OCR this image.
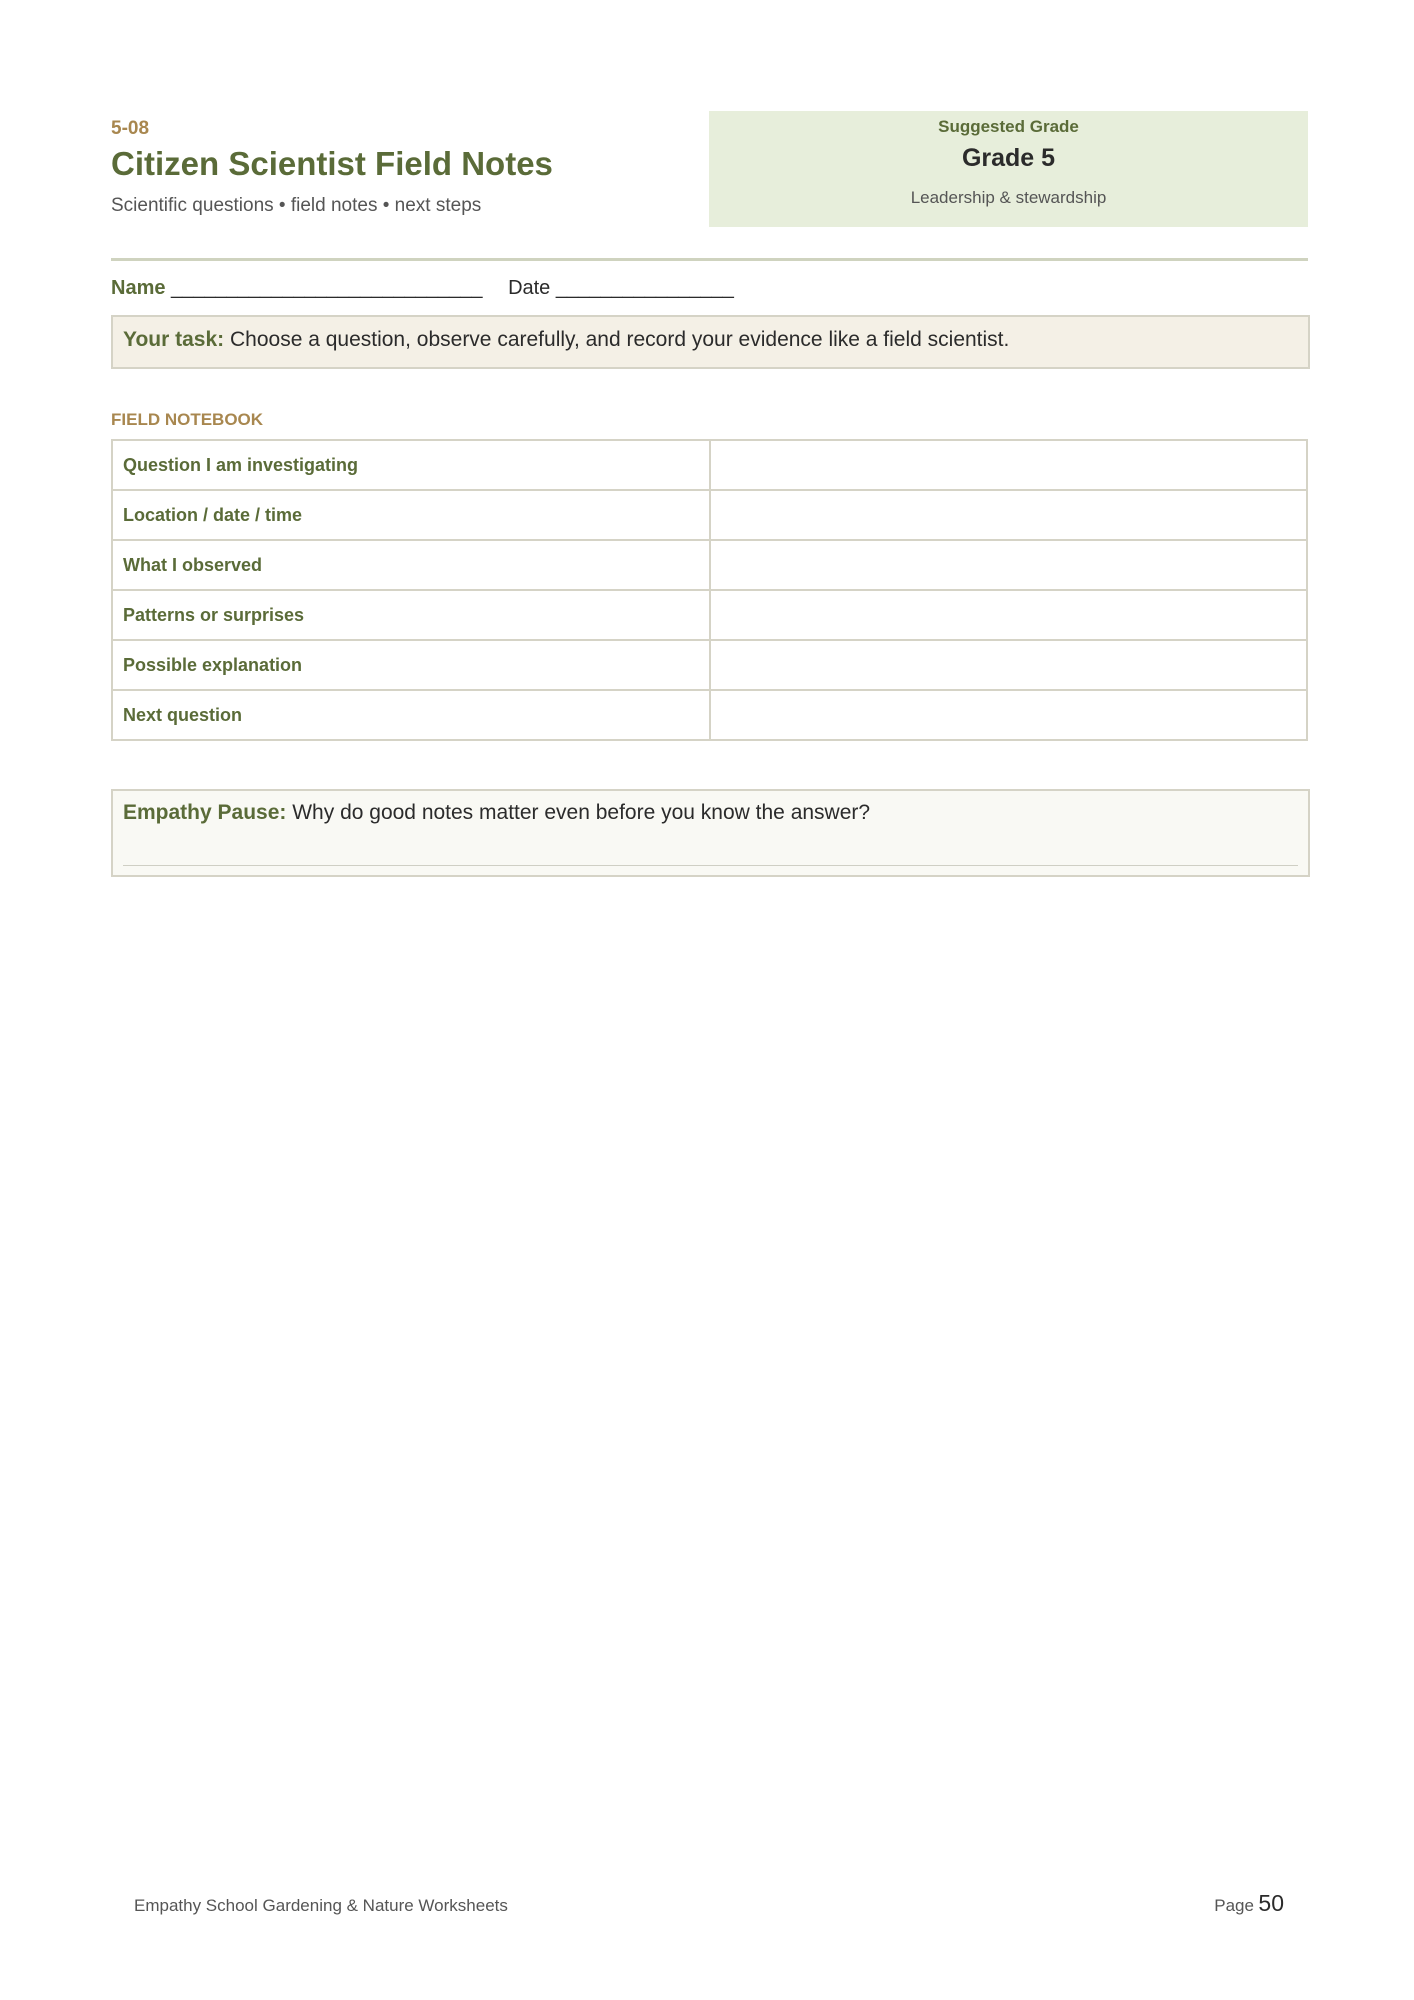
5-08
Citizen Scientist Field Notes
Scientific questions • field notes • next steps
Suggested Grade
Grade 5
Leadership & stewardship
Name ____________________________ Date ________________
Your task: Choose a question, observe carefully, and record your evidence like a field scientist.
FIELD NOTEBOOK
Question I am investigating	
Location / date / time	
What I observed	
Patterns or surprises	
Possible explanation	
Next question	
Empathy Pause: Why do good notes matter even before you know the answer?
Empathy School Gardening & Nature Worksheets	Page 50
